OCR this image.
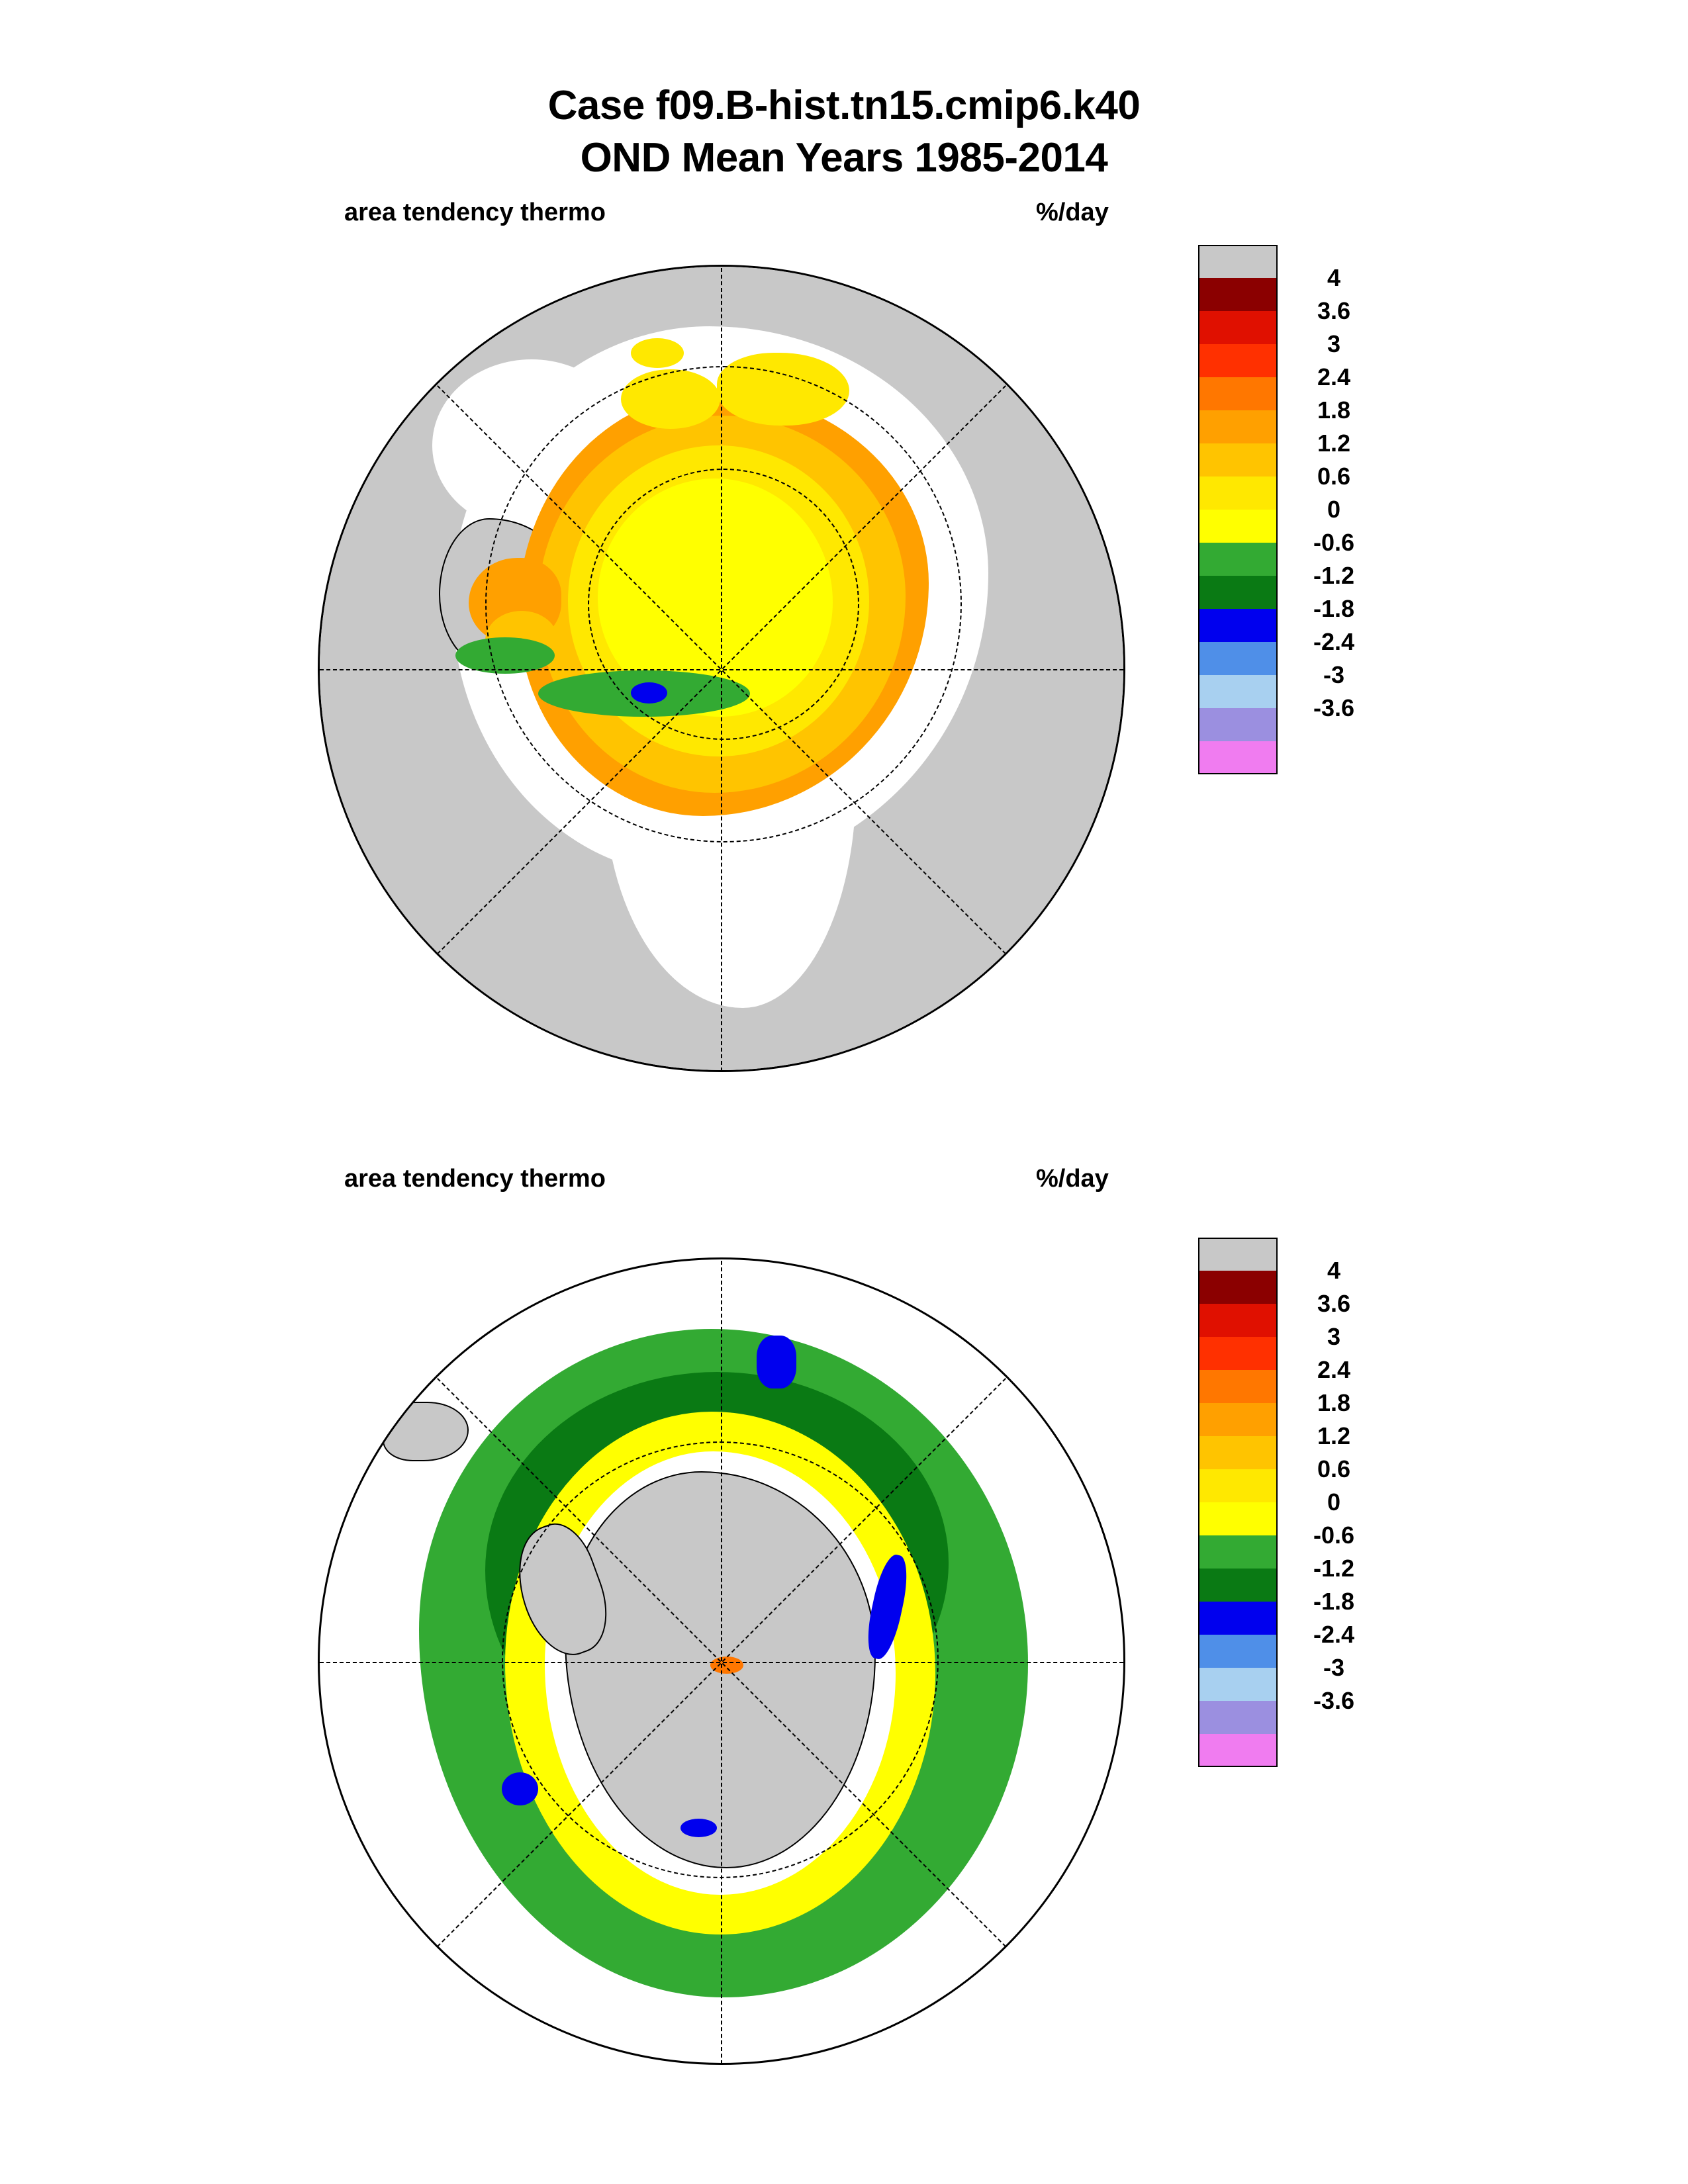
Case f09.B-hist.tn15.cmip6.k40
OND Mean Years 1985-2014
area tendency thermo	%/day
4
3.6
3
2.4
1.8
1.2
0.6
0
-0.6
-1.2
-1.8
-2.4
-3
-3.6
area tendency thermo	%/day
4
3.6
3
2.4
1.8
1.2
0.6
0
-0.6
-1.2
-1.8
-2.4
-3
-3.6
